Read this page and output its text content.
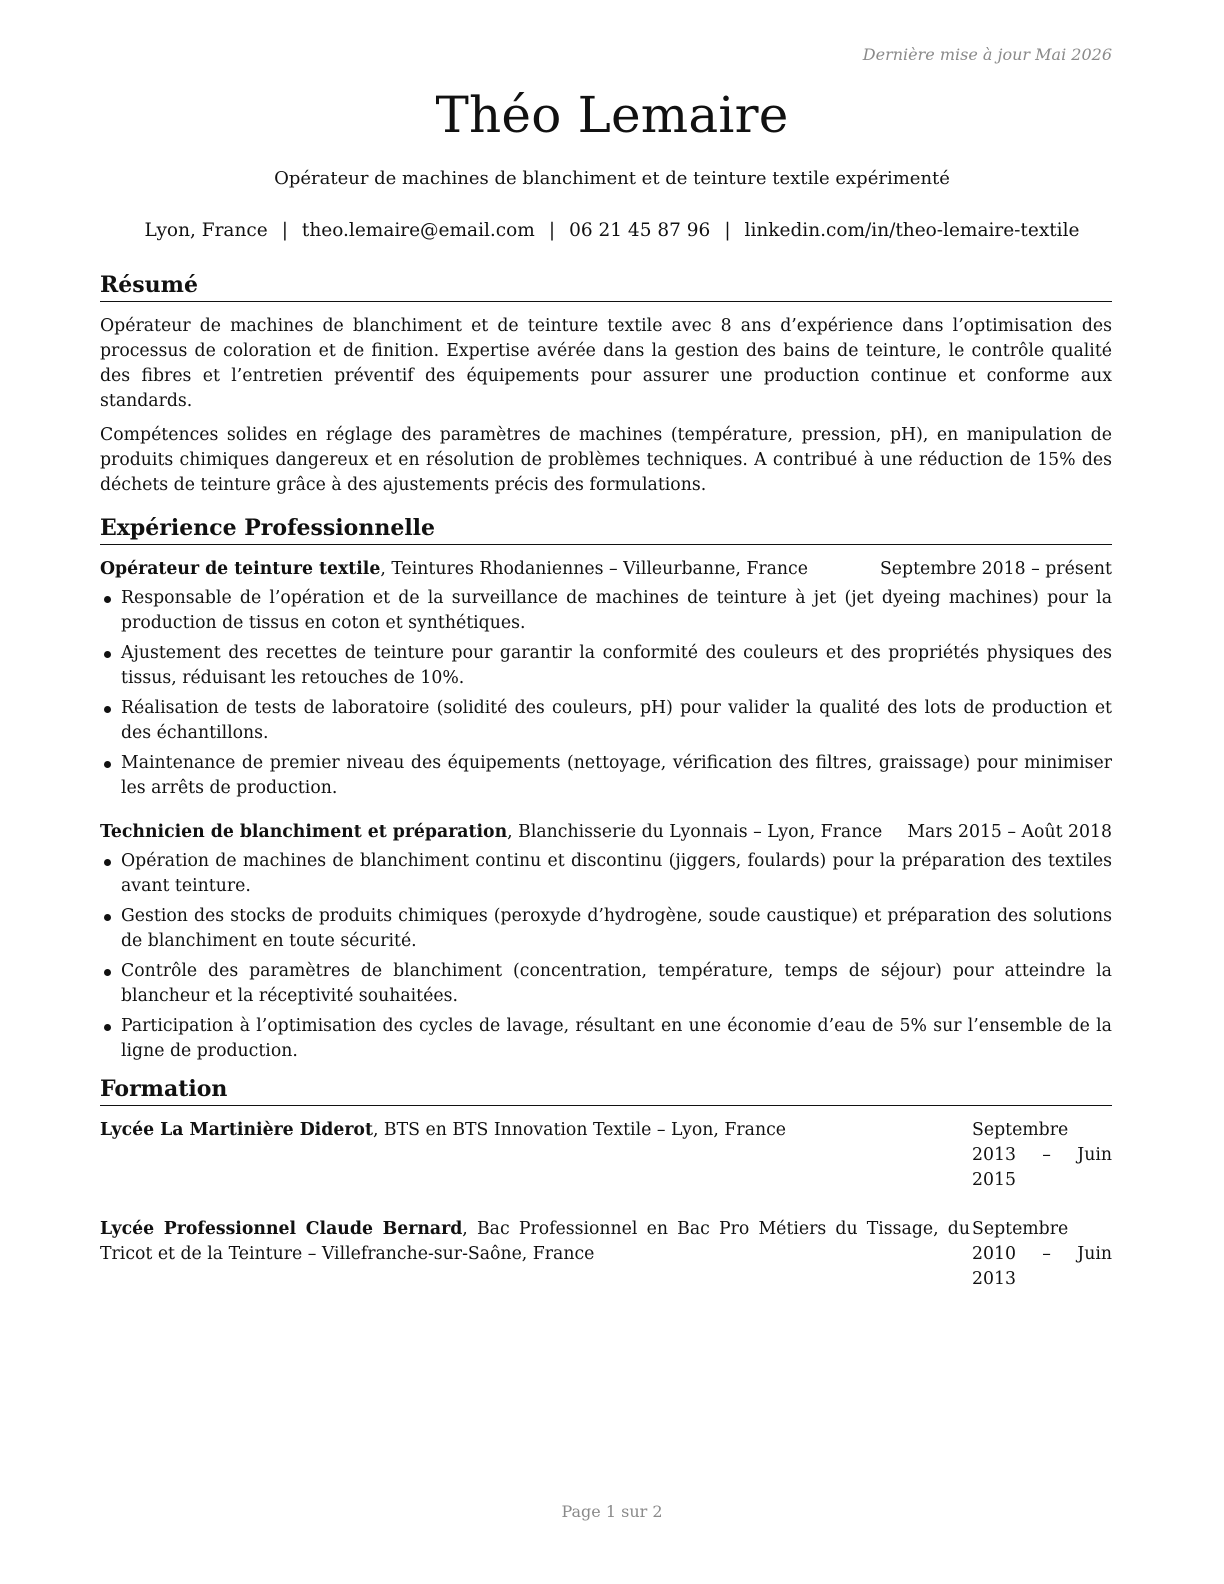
Dernière mise à jour Mai 2026
Théo Lemaire
Opérateur de machines de blanchiment et de teinture textile expérimenté
Lyon, France | theo.lemaire@email.com | 06 21 45 87 96 | linkedin.com/in/theo-lemaire-textile
Résumé

Opérateur de machines de blanchiment et de teinture textile avec 8 ans d’expérience dans l’optimisation des processus de coloration et de finition. Expertise avérée dans la gestion des bains de teinture, le contrôle qualité des fibres et l’entretien préventif des équipements pour assurer une production continue et conforme aux standards.

Compétences solides en réglage des paramètres de machines (température, pression, pH), en manipulation de produits chimiques dangereux et en résolution de problèmes techniques. A contribué à une réduction de 15% des déchets de teinture grâce à des ajustements précis des formulations.

Expérience Professionnelle
Opérateur de teinture textile, Teintures Rhodaniennes – Villeurbanne, France	Septembre 2018 – présent
Responsable de l’opération et de la surveillance de machines de teinture à jet (jet dyeing machines) pour la production de tissus en coton et synthétiques.
Ajustement des recettes de teinture pour garantir la conformité des couleurs et des propriétés physiques des tissus, réduisant les retouches de 10%.
Réalisation de tests de laboratoire (solidité des couleurs, pH) pour valider la qualité des lots de production et des échantillons.
Maintenance de premier niveau des équipements (nettoyage, vérification des filtres, graissage) pour minimiser les arrêts de production.
Technicien de blanchiment et préparation, Blanchisserie du Lyonnais – Lyon, France Mars 2015 – Août 2018
Opération de machines de blanchiment continu et discontinu (jiggers, foulards) pour la préparation des textiles avant teinture.
Gestion des stocks de produits chimiques (peroxyde d’hydrogène, soude caustique) et préparation des solutions de blanchiment en toute sécurité.
Contrôle des paramètres de blanchiment (concentration, température, temps de séjour) pour atteindre la blancheur et la réceptivité souhaitées.
Participation à l’optimisation des cycles de lavage, résultant en une économie d’eau de 5% sur l’ensemble de la ligne de production.
Formation
Lycée La Martinière Diderot, BTS en BTS Innovation Textile – Lyon, France	Septembre 2013 – Juin 2015
Lycée Professionnel Claude Bernard, Bac Professionnel en Bac Pro Métiers du Tissage, du Tricot et de la Teinture – Villefranche-sur-Saône, France
Septembre 2010 – Juin 2013
Page 1 sur 2
